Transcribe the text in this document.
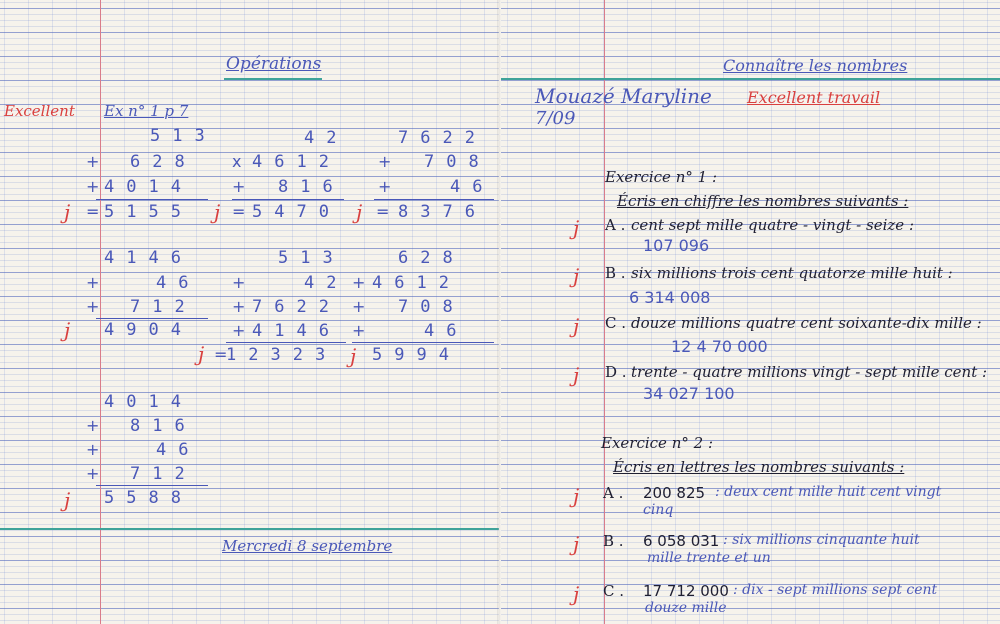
Opérations
Excellent Ex n° 1 p 7
513
+ 628
+ 4014
j = 5155
42
x 4612
+ 816
j = 5470
7622
+ 708
+	46
j = 8376
4146
+	46
+ 712
j 4904
513
+	42
+ 7622
+ 4146
j =
12323
628
+ 4612
+ 708
+	46
j 5994
4014
+ 816
+	46
+ 712
j 5588
Mercredi 8 septembre
Connaître les nombres
Mouazé Maryline Excellent travail
7/09
Exercice n° 1 :
Écris en chiffre les nombres suivants :
j A . cent sept mille quatre - vingt - seize :
107 096
j B . six millions trois cent quatorze mille huit :
6 314 008
j C . douze millions quatre cent soixante-dix mille :
12 4 70 000
j D . trente - quatre millions vingt - sept mille cent :
34 027 100
Exercice n° 2 :
Écris en lettres les nombres suivants :
j A . 200 825 : deux cent mille huit cent vingt
cinq
j B . 6 058 031 : six millions cinquante huit
mille trente et un
j C . 17 712 000 : dix - sept millions sept cent
douze mille
